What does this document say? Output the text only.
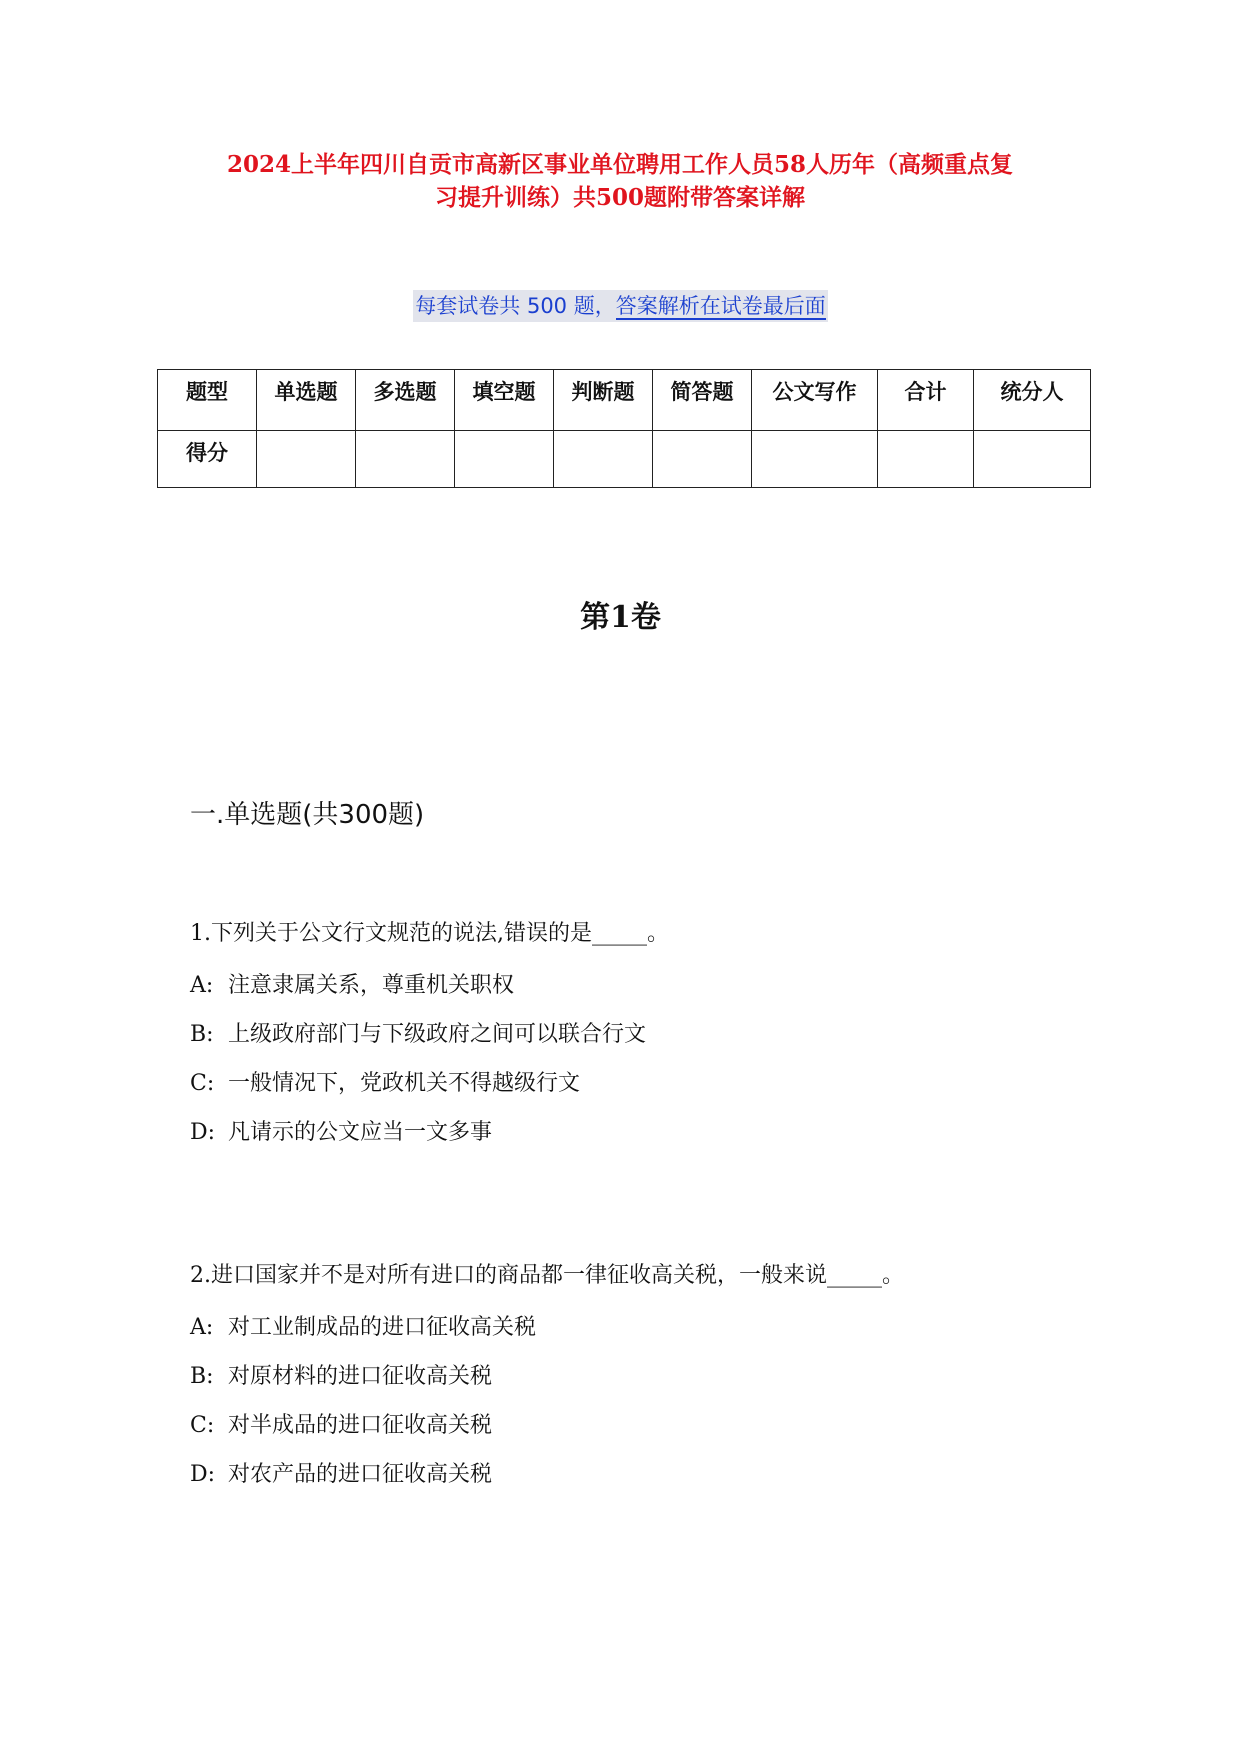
2024上半年四川自贡市高新区事业单位聘用工作人员58人历年（高频重点复
习提升训练）共500题附带答案详解
每套试卷共 500 题，答案解析在试卷最后面
题型	单选题	多选题	填空题	判断题	简答题	公文写作	合计	统分人
得分								
第1卷
一.单选题(共300题)
1.下列关于公文行文规范的说法,错误的是_____。
A: 注意隶属关系，尊重机关职权
B: 上级政府部门与下级政府之间可以联合行文
C: 一般情况下，党政机关不得越级行文
D: 凡请示的公文应当一文多事
2.进口国家并不是对所有进口的商品都一律征收高关税，一般来说_____。
A: 对工业制成品的进口征收高关税
B: 对原材料的进口征收高关税
C: 对半成品的进口征收高关税
D: 对农产品的进口征收高关税
